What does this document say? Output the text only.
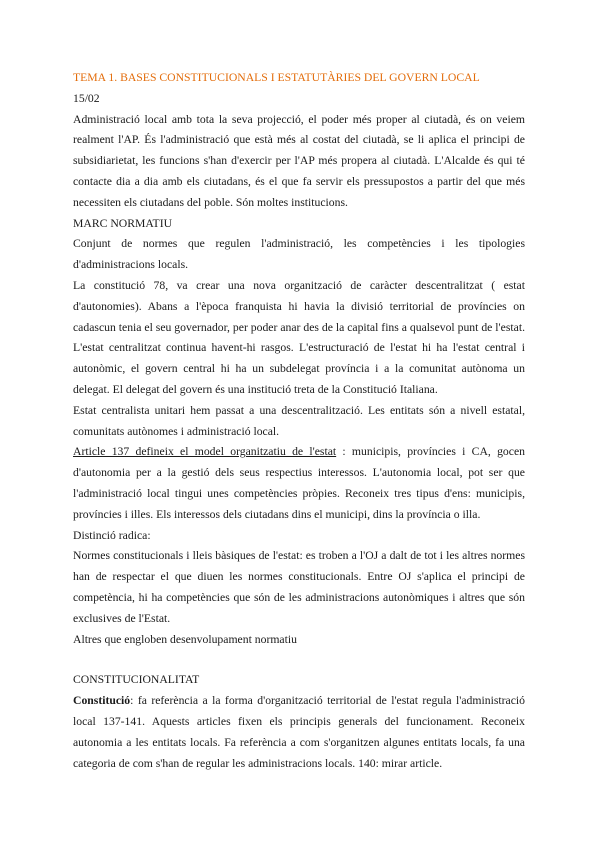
TEMA 1. BASES CONSTITUCIONALS I ESTATUTÀRIES DEL GOVERN LOCAL

15/02

Administració local amb tota la seva projecció, el poder més proper al ciutadà, és on veiem realment l'AP. És l'administració que està més al costat del ciutadà, se li aplica el principi de subsidiarietat, les funcions s'han d'exercir per l'AP més propera al ciutadà. L'Alcalde és qui té contacte dia a dia amb els ciutadans, és el que fa servir els pressupostos a partir del que més necessiten els ciutadans del poble. Són moltes institucions.

MARC NORMATIU

Conjunt de normes que regulen l'administració, les competències i les tipologies d'administracions locals.

La constitució 78, va crear una nova organització de caràcter descentralitzat ( estat d'autonomies). Abans a l'època franquista hi havia la divisió territorial de províncies on cadascun tenia el seu governador, per poder anar des de la capital fins a qualsevol punt de l'estat. L'estat centralitzat continua havent-hi rasgos. L'estructuració de l'estat hi ha l'estat central i autonòmic, el govern central hi ha un subdelegat província i a la comunitat autònoma un delegat. El delegat del govern és una institució treta de la Constitució Italiana.

Estat centralista unitari hem passat a una descentralització. Les entitats són a nivell estatal, comunitats autònomes i administració local.

Article 137 defineix el model organitzatiu de l'estat : municipis, províncies i CA, gocen d'autonomia per a la gestió dels seus respectius interessos. L'autonomia local, pot ser que l'administració local tingui unes competències pròpies. Reconeix tres tipus d'ens: municipis, províncies i illes. Els interessos dels ciutadans dins el municipi, dins la província o illa.

Distinció radica:

Normes constitucionals i lleis bàsiques de l'estat: es troben a l'OJ a dalt de tot i les altres normes han de respectar el que diuen les normes constitucionals. Entre OJ s'aplica el principi de competència, hi ha competències que són de les administracions autonòmiques i altres que són exclusives de l'Estat.

Altres que engloben desenvolupament normatiu

CONSTITUCIONALITAT

Constitució: fa referència a la forma d'organització territorial de l'estat regula l'administració local 137-141. Aquests articles fixen els principis generals del funcionament. Reconeix autonomia a les entitats locals. Fa referència a com s'organitzen algunes entitats locals, fa una categoria de com s'han de regular les administracions locals. 140: mirar article.
